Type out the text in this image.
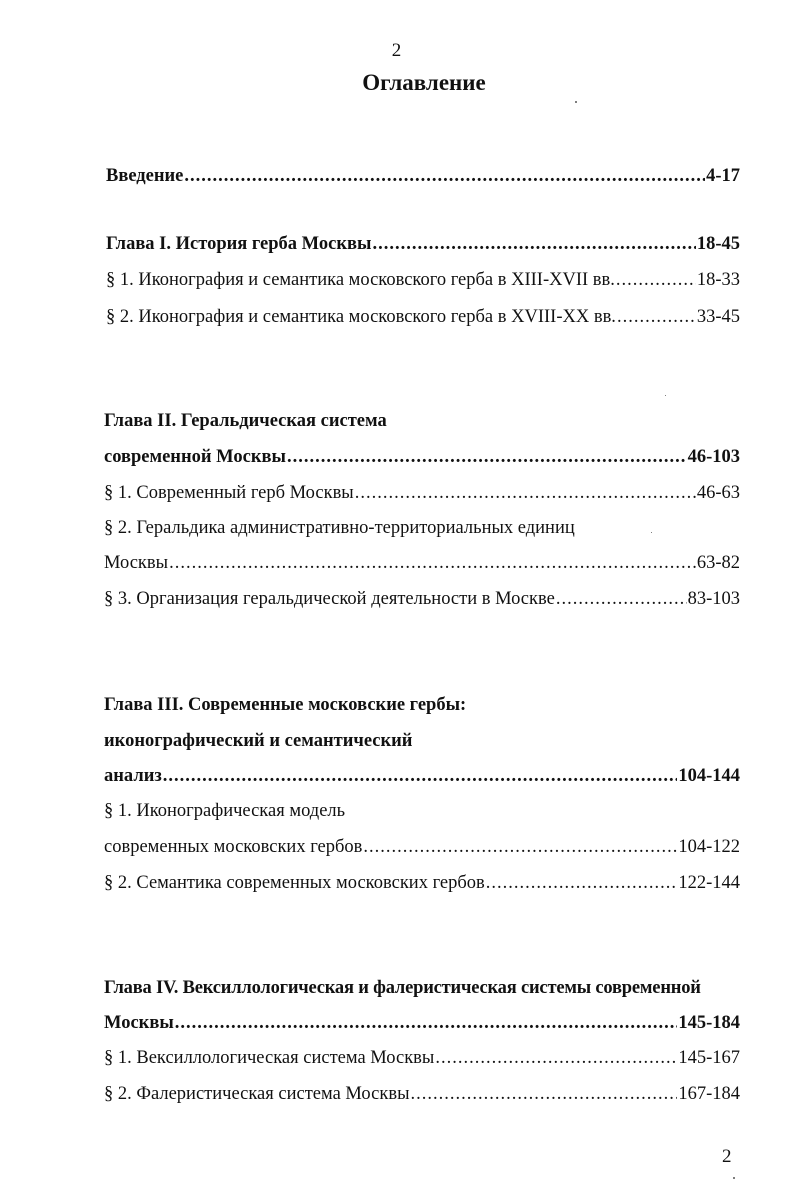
2
Оглавление
Введение .....	4-17
Глава I. История герба Москвы .....	18-45
§ 1. Иконография и семантика московского герба в XIII-XVII вв. .....	18-33
§ 2. Иконография и семантика московского герба в XVIII-XX вв. .....	33-45
Глава II. Геральдическая система
современной Москвы .....	46-103
§ 1. Современный герб Москвы .....	46-63
§ 2. Геральдика административно-территориальных единиц
Москвы .....	63-82
§ 3. Организация геральдической деятельности в Москве .....	83-103
Глава III. Современные московские гербы:
иконографический и семантический
анализ .....	104-144
§ 1. Иконографическая модель
современных московских гербов .....	104-122
§ 2. Семантика современных московских гербов .....	122-144
Глава IV. Вексиллологическая и фалеристическая системы современной
Москвы .....	145-184
§ 1. Вексиллологическая система Москвы .....	145-167
§ 2. Фалеристическая система Москвы .....	167-184
2
